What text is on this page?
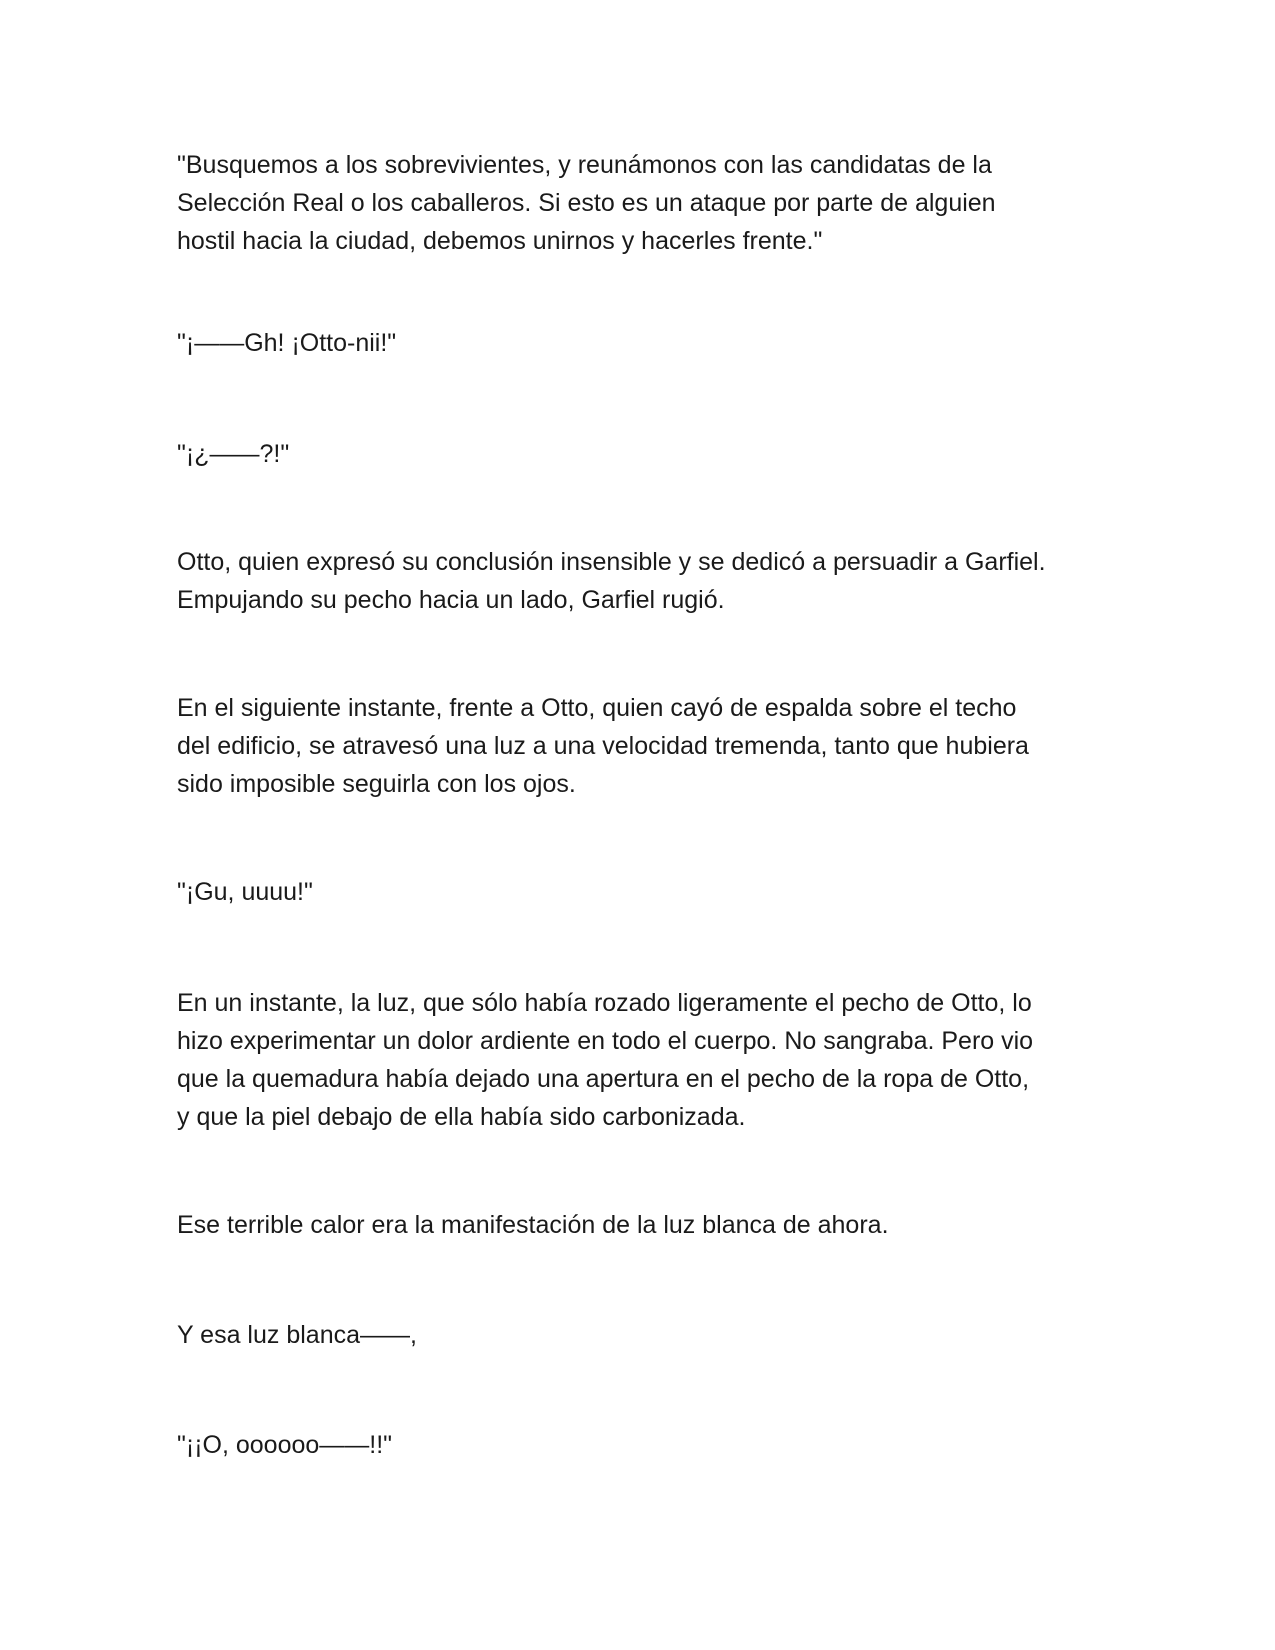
"Busquemos a los sobrevivientes, y reunámonos con las candidatas de la
Selección Real o los caballeros. Si esto es un ataque por parte de alguien
hostil hacia la ciudad, debemos unirnos y hacerles frente."

"¡——Gh! ¡Otto-nii!"

"¡¿——?!"

Otto, quien expresó su conclusión insensible y se dedicó a persuadir a Garfiel.
Empujando su pecho hacia un lado, Garfiel rugió.

En el siguiente instante, frente a Otto, quien cayó de espalda sobre el techo
del edificio, se atravesó una luz a una velocidad tremenda, tanto que hubiera
sido imposible seguirla con los ojos.

"¡Gu, uuuu!"

En un instante, la luz, que sólo había rozado ligeramente el pecho de Otto, lo
hizo experimentar un dolor ardiente en todo el cuerpo. No sangraba. Pero vio
que la quemadura había dejado una apertura en el pecho de la ropa de Otto,
y que la piel debajo de ella había sido carbonizada.

Ese terrible calor era la manifestación de la luz blanca de ahora.

Y esa luz blanca——,

"¡¡O, oooooo——!!"
